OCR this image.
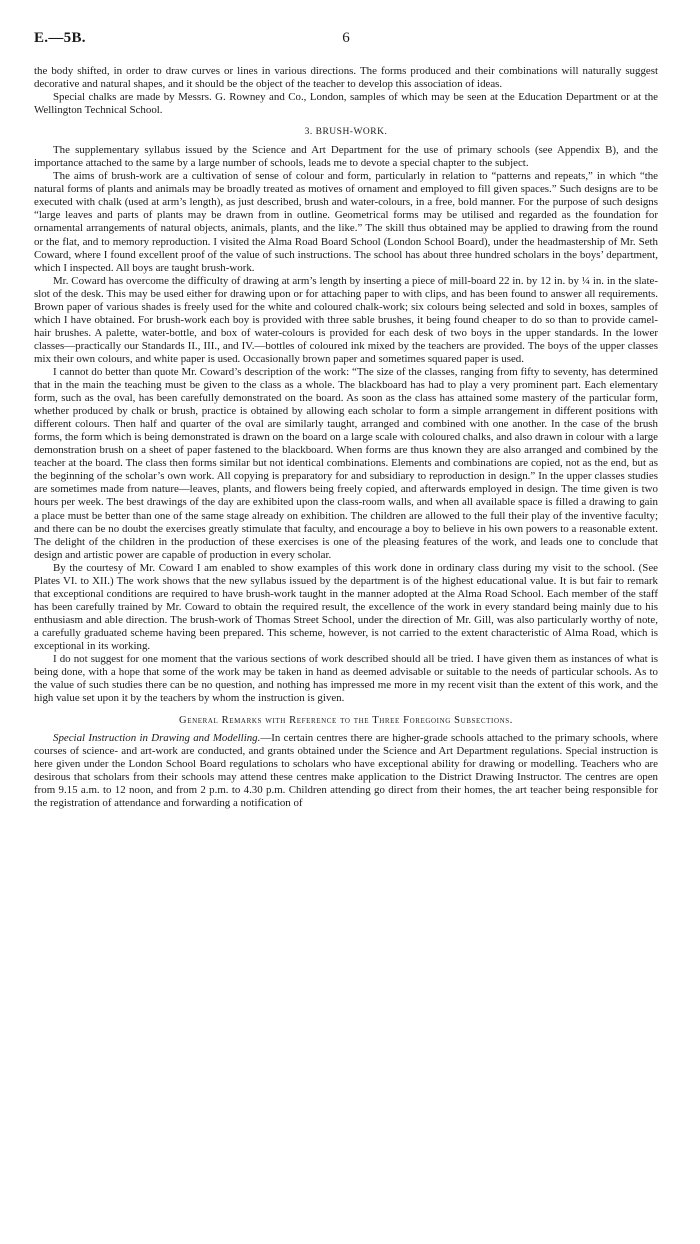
E.—5B.	6

the body shifted, in order to draw curves or lines in various directions. The forms produced and their combinations will naturally suggest decorative and natural shapes, and it should be the object of the teacher to develop this association of ideas.

Special chalks are made by Messrs. G. Rowney and Co., London, samples of which may be seen at the Education Department or at the Wellington Technical School.

3. BRUSH-WORK.

The supplementary syllabus issued by the Science and Art Department for the use of primary schools (see Appendix B), and the importance attached to the same by a large number of schools, leads me to devote a special chapter to the subject.

The aims of brush-work are a cultivation of sense of colour and form, particularly in relation to “patterns and repeats,” in which “the natural forms of plants and animals may be broadly treated as motives of ornament and employed to fill given spaces.” Such designs are to be executed with chalk (used at arm’s length), as just described, brush and water-colours, in a free, bold manner. For the purpose of such designs “large leaves and parts of plants may be drawn from in outline. Geometrical forms may be utilised and regarded as the foundation for ornamental arrangements of natural objects, animals, plants, and the like.” The skill thus obtained may be applied to drawing from the round or the flat, and to memory reproduction. I visited the Alma Road Board School (London School Board), under the headmastership of Mr. Seth Coward, where I found excellent proof of the value of such instructions. The school has about three hundred scholars in the boys’ department, which I inspected. All boys are taught brush-work.

Mr. Coward has overcome the difficulty of drawing at arm’s length by inserting a piece of mill-board 22 in. by 12 in. by ¼ in. in the slate-slot of the desk. This may be used either for drawing upon or for attaching paper to with clips, and has been found to answer all requirements. Brown paper of various shades is freely used for the white and coloured chalk-work; six colours being selected and sold in boxes, samples of which I have obtained. For brush-work each boy is provided with three sable brushes, it being found cheaper to do so than to provide camel-hair brushes. A palette, water-bottle, and box of water-colours is provided for each desk of two boys in the upper standards. In the lower classes—practically our Standards II., III., and IV.—bottles of coloured ink mixed by the teachers are provided. The boys of the upper classes mix their own colours, and white paper is used. Occasionally brown paper and sometimes squared paper is used.

I cannot do better than quote Mr. Coward’s description of the work: “The size of the classes, ranging from fifty to seventy, has determined that in the main the teaching must be given to the class as a whole. The blackboard has had to play a very prominent part. Each elementary form, such as the oval, has been carefully demonstrated on the board. As soon as the class has attained some mastery of the particular form, whether produced by chalk or brush, practice is obtained by allowing each scholar to form a simple arrangement in different positions with different colours. Then half and quarter of the oval are similarly taught, arranged and combined with one another. In the case of the brush forms, the form which is being demonstrated is drawn on the board on a large scale with coloured chalks, and also drawn in colour with a large demonstration brush on a sheet of paper fastened to the blackboard. When forms are thus known they are also arranged and combined by the teacher at the board. The class then forms similar but not identical combinations. Elements and combinations are copied, not as the end, but as the beginning of the scholar’s own work. All copying is preparatory for and subsidiary to reproduction in design.” In the upper classes studies are sometimes made from nature—leaves, plants, and flowers being freely copied, and afterwards employed in design. The time given is two hours per week. The best drawings of the day are exhibited upon the class-room walls, and when all available space is filled a drawing to gain a place must be better than one of the same stage already on exhibition. The children are allowed to the full their play of the inventive faculty; and there can be no doubt the exercises greatly stimulate that faculty, and encourage a boy to believe in his own powers to a reasonable extent. The delight of the children in the production of these exercises is one of the pleasing features of the work, and leads one to conclude that design and artistic power are capable of production in every scholar.

By the courtesy of Mr. Coward I am enabled to show examples of this work done in ordinary class during my visit to the school. (See Plates VI. to XII.) The work shows that the new syllabus issued by the department is of the highest educational value. It is but fair to remark that exceptional conditions are required to have brush-work taught in the manner adopted at the Alma Road School. Each member of the staff has been carefully trained by Mr. Coward to obtain the required result, the excellence of the work in every standard being mainly due to his enthusiasm and able direction. The brush-work of Thomas Street School, under the direction of Mr. Gill, was also particularly worthy of note, a carefully graduated scheme having been prepared. This scheme, however, is not carried to the extent characteristic of Alma Road, which is exceptional in its working.

I do not suggest for one moment that the various sections of work described should all be tried. I have given them as instances of what is being done, with a hope that some of the work may be taken in hand as deemed advisable or suitable to the needs of particular schools. As to the value of such studies there can be no question, and nothing has impressed me more in my recent visit than the extent of this work, and the high value set upon it by the teachers by whom the instruction is given.

General Remarks with Reference to the Three Foregoing Subsections.

Special Instruction in Drawing and Modelling.—In certain centres there are higher-grade schools attached to the primary schools, where courses of science- and art-work are conducted, and grants obtained under the Science and Art Department regulations. Special instruction is here given under the London School Board regulations to scholars who have exceptional ability for drawing or modelling. Teachers who are desirous that scholars from their schools may attend these centres make application to the District Drawing Instructor. The centres are open from 9.15 a.m. to 12 noon, and from 2 p.m. to 4.30 p.m. Children attending go direct from their homes, the art teacher being responsible for the registration of attendance and forwarding a notification of
